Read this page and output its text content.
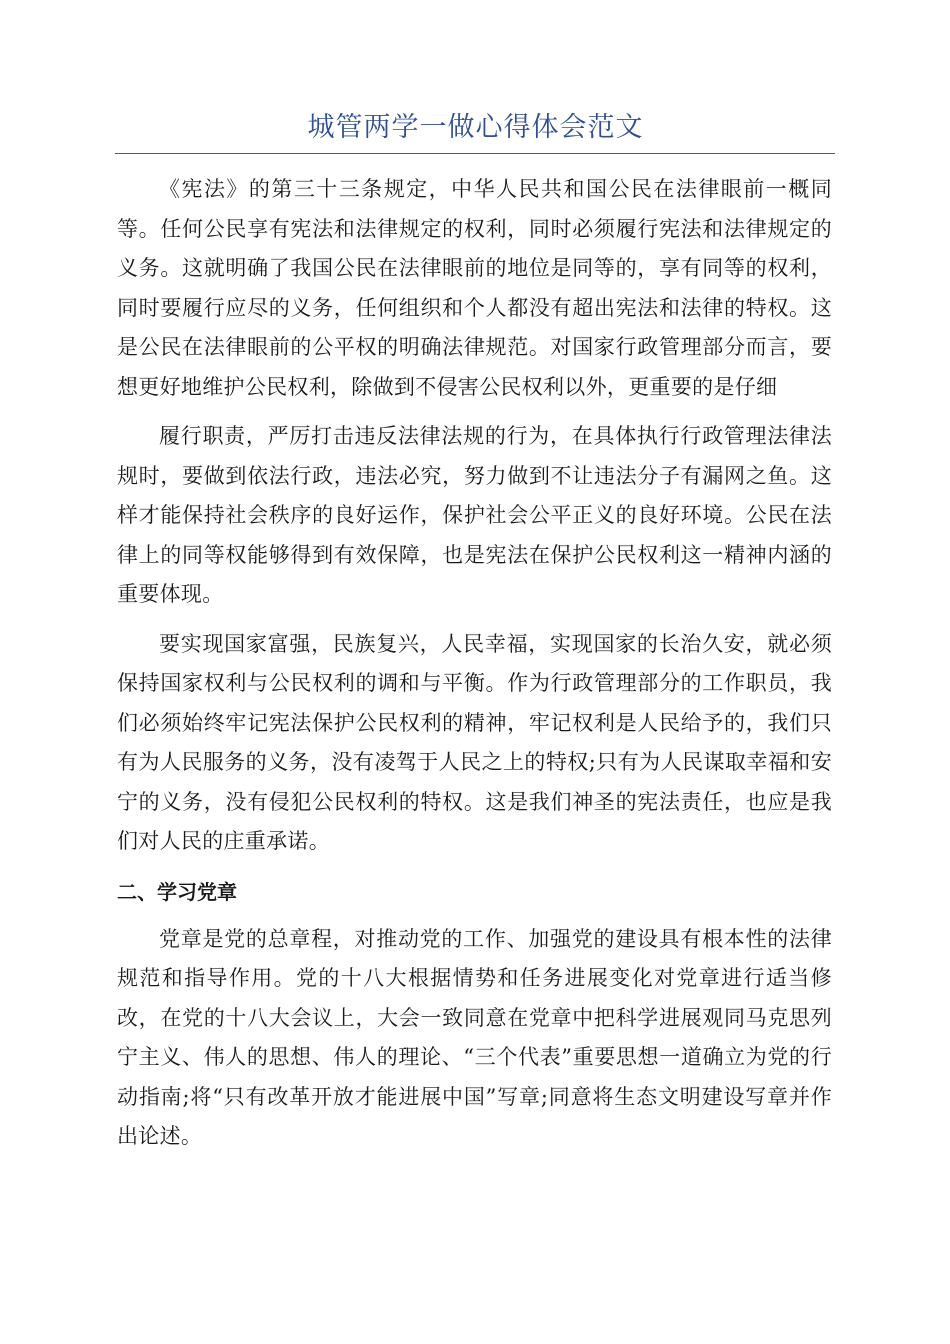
城管两学一做心得体会范文

《宪法》的第三十三条规定，中华人民共和国公民在法律眼前一概同等。任何公民享有宪法和法律规定的权利，同时必须履行宪法和法律规定的义务。这就明确了我国公民在法律眼前的地位是同等的，享有同等的权利，同时要履行应尽的义务，任何组织和个人都没有超出宪法和法律的特权。这是公民在法律眼前的公平权的明确法律规范。对国家行政管理部分而言，要想更好地维护公民权利，除做到不侵害公民权利以外，更重要的是仔细

履行职责，严厉打击违反法律法规的行为，在具体执行行政管理法律法规时，要做到依法行政，违法必究，努力做到不让违法分子有漏网之鱼。这样才能保持社会秩序的良好运作，保护社会公平正义的良好环境。公民在法律上的同等权能够得到有效保障，也是宪法在保护公民权利这一精神内涵的重要体现。

要实现国家富强，民族复兴，人民幸福，实现国家的长治久安，就必须保持国家权利与公民权利的调和与平衡。作为行政管理部分的工作职员，我们必须始终牢记宪法保护公民权利的精神，牢记权利是人民给予的，我们只有为人民服务的义务，没有凌驾于人民之上的特权;只有为人民谋取幸福和安宁的义务，没有侵犯公民权利的特权。这是我们神圣的宪法责任，也应是我们对人民的庄重承诺。

二、学习党章

党章是党的总章程，对推动党的工作、加强党的建设具有根本性的法律规范和指导作用。党的十八大根据情势和任务进展变化对党章进行适当修改，在党的十八大会议上，大会一致同意在党章中把科学进展观同马克思列宁主义、伟人的思想、伟人的理论、“三个代表”重要思想一道确立为党的行动指南;将“只有改革开放才能进展中国”写章;同意将生态文明建设写章并作出论述。
